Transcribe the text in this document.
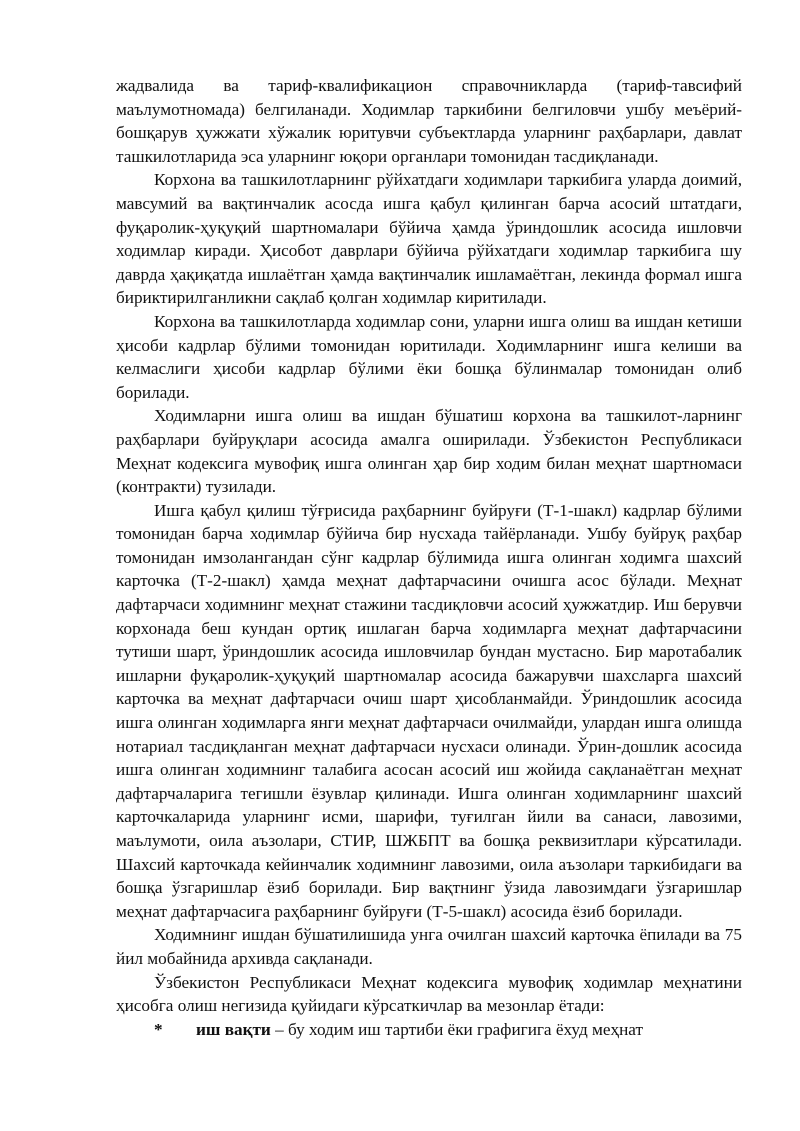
жадвалида ва тариф-квалификацион справочникларда (тариф-тавсифий маълумотномада) белгиланади. Ходимлар таркибини белгиловчи ушбу меъёрий-бошқарув ҳужжати хўжалик юритувчи субъектларда уларнинг раҳбарлари, давлат ташкилотларида эса уларнинг юқори органлари томонидан тасдиқланади.

Корхона ва ташкилотларнинг рўйхатдаги ходимлари таркибига уларда доимий, мавсумий ва вақтинчалик асосда ишга қабул қилинган барча асосий штатдаги, фуқаролик-ҳуқуқий шартномалари бўйича ҳамда ўриндошлик асосида ишловчи ходимлар киради. Ҳисобот даврлари бўйича рўйхатдаги ходимлар таркибига шу даврда ҳақиқатда ишлаётган ҳамда вақтинчалик ишламаётган, лекинда формал ишга бириктирилганликни сақлаб қолган ходимлар киритилади.

Корхона ва ташкилотларда ходимлар сони, уларни ишга олиш ва ишдан кетиши ҳисоби кадрлар бўлими томонидан юритилади. Ходимларнинг ишга келиши ва келмаслиги ҳисоби кадрлар бўлими ёки бошқа бўлинмалар томонидан олиб борилади.

Ходимларни ишга олиш ва ишдан бўшатиш корхона ва ташкилот-ларнинг раҳбарлари буйруқлари асосида амалга оширилади. Ўзбекистон Республикаси Меҳнат кодексига мувофиқ ишга олинган ҳар бир ходим билан меҳнат шартномаси (контракти) тузилади.

Ишга қабул қилиш тўғрисида раҳбарнинг буйруғи (Т-1-шакл) кадрлар бўлими томонидан барча ходимлар бўйича бир нусхада тайёрланади. Ушбу буйруқ раҳбар томонидан имзолангандан сўнг кадрлар бўлимида ишга олинган ходимга шахсий карточка (Т-2-шакл) ҳамда меҳнат дафтарчасини очишга асос бўлади. Меҳнат дафтарчаси ходимнинг меҳнат стажини тасдиқловчи асосий ҳужжатдир. Иш берувчи корхонада беш кундан ортиқ ишлаган барча ходимларга меҳнат дафтарчасини тутиши шарт, ўриндошлик асосида ишловчилар бундан мустасно. Бир маротабалик ишларни фуқаролик-ҳуқуқий шартномалар асосида бажарувчи шахсларга шахсий карточка ва меҳнат дафтарчаси очиш шарт ҳисобланмайди. Ўриндошлик асосида ишга олинган ходимларга янги меҳнат дафтарчаси очилмайди, улардан ишга олишда нотариал тасдиқланган меҳнат дафтарчаси нусхаси олинади. Ўрин-дошлик асосида ишга олинган ходимнинг талабига асосан асосий иш жойида сақланаётган меҳнат дафтарчаларига тегишли ёзувлар қилинади. Ишга олинган ходимларнинг шахсий карточкаларида уларнинг исми, шарифи, туғилган йили ва санаси, лавозими, маълумоти, оила аъзолари, СТИР, ШЖБПТ ва бошқа реквизитлари кўрсатилади. Шахсий карточкада кейинчалик ходимнинг лавозими, оила аъзолари таркибидаги ва бошқа ўзгаришлар ёзиб борилади. Бир вақтнинг ўзида лавозимдаги ўзгаришлар меҳнат дафтарчасига раҳбарнинг буйруғи (Т-5-шакл) асосида ёзиб борилади.

Ходимнинг ишдан бўшатилишида унга очилган шахсий карточка ёпилади ва 75 йил мобайнида архивда сақланади.

Ўзбекистон Республикаси Меҳнат кодексига мувофиқ ходимлар меҳнатини ҳисобга олиш негизида қуйидаги кўрсаткичлар ва мезонлар ётади:

*	иш вақти – бу ходим иш тартиби ёки графигига ёхуд меҳнат
